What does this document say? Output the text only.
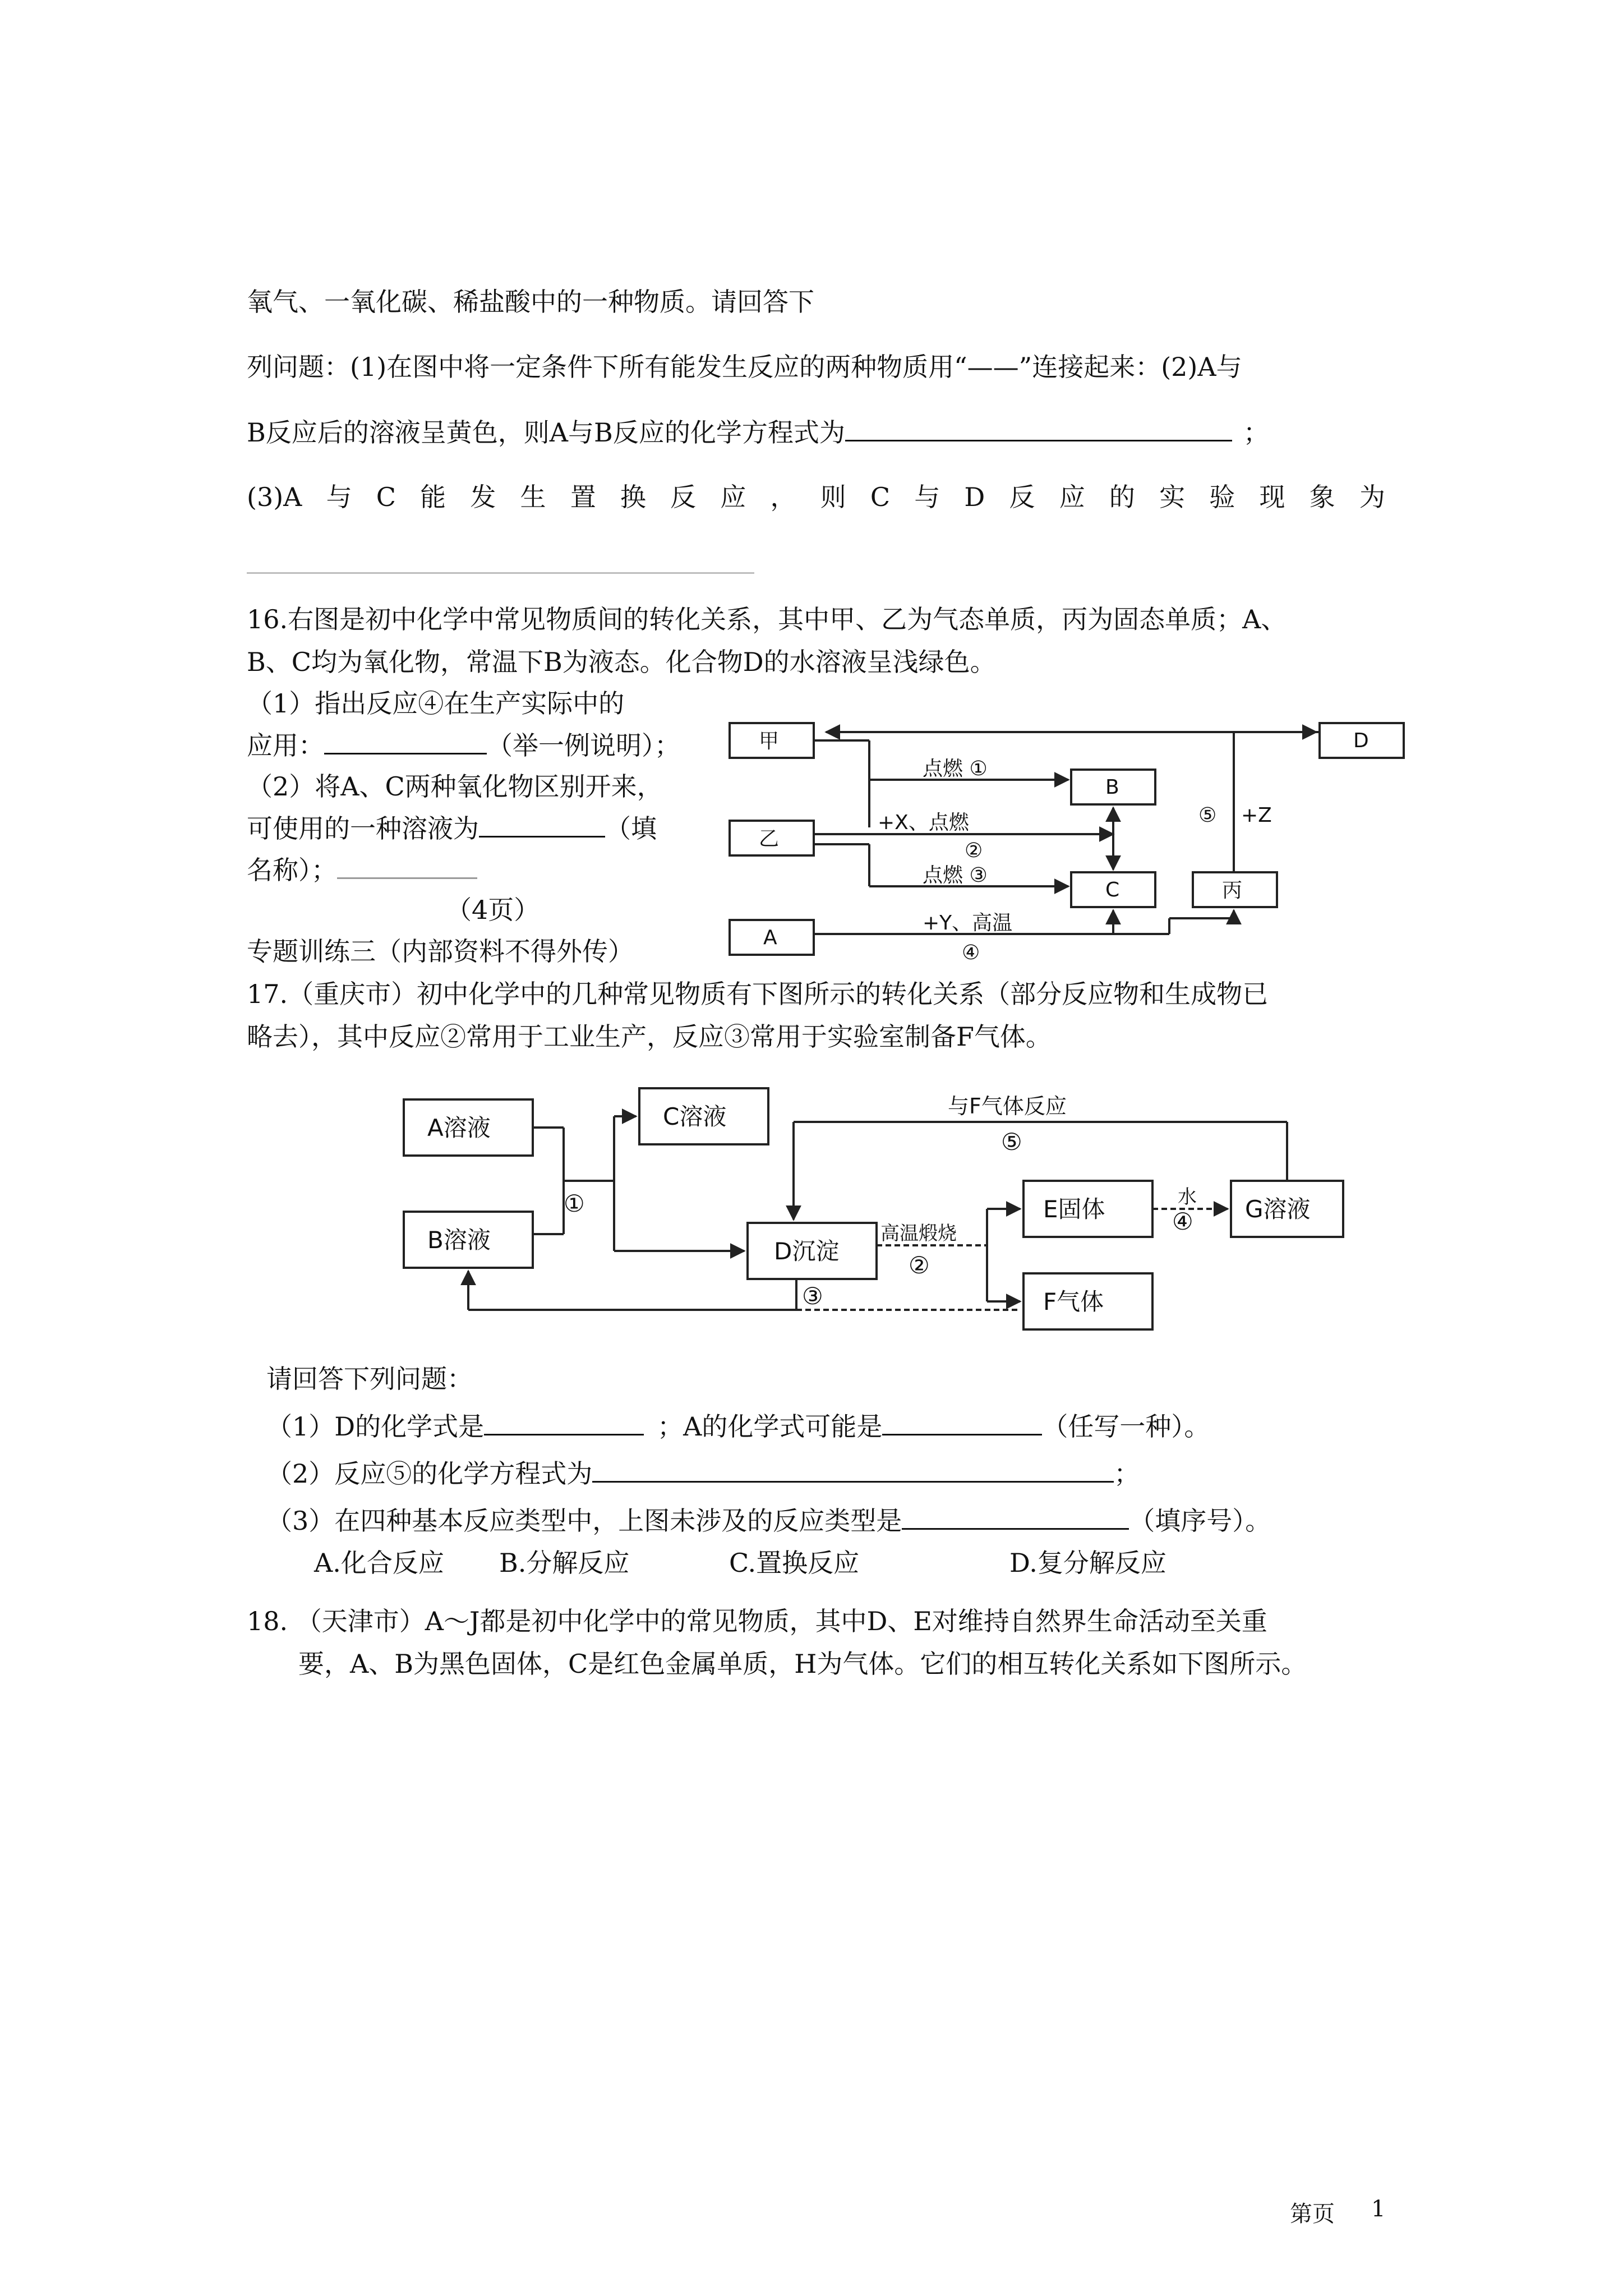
氧气、一氧化碳、稀盐酸中的一种物质。请回答下
列问题：(1)在图中将一定条件下所有能发生反应的两种物质用“——”连接起来：(2)A与
B反应后的溶液呈黄色，则A与B反应的化学方程式为	；
(3)A 与 C 能 发 生 置 换 反 应 ， 则 C 与 D 反 应 的 实 验 现 象 为
16.右图是初中化学中常见物质间的转化关系，其中甲、乙为气态单质，丙为固态单质；A、
B、C均为氧化物，常温下B为液态。化合物D的水溶液呈浅绿色。
（1）指出反应④在生产实际中的
应用：	（举一例说明）；
（2）将A、C两种氧化物区别开来，
可使用的一种溶液为	（填
名称）；
（4页）
专题训练三（内部资料不得外传）
甲
乙
A
B
C	丙
D
点燃 ①
+X、点燃
②
点燃 ③
+Y、高温
④
⑤ +Z
17.（重庆市）初中化学中的几种常见物质有下图所示的转化关系（部分反应物和生成物已
略去），其中反应②常用于工业生产，反应③常用于实验室制备F气体。
A溶液
B溶液
C溶液
D沉淀
E固体
F气体
G溶液
①
高温煅烧
②
③
水
④
与F气体反应
⑤
请回答下列问题：
（1）D的化学式是	；A的化学式可能是	（任写一种）。
（2）反应⑤的化学方程式为	；
（3）在四种基本反应类型中，上图未涉及的反应类型是	（填序号）。
A.化合反应 B.分解反应	C.置换反应	D.复分解反应
18. （天津市）A～J都是初中化学中的常见物质，其中D、E对维持自然界生命活动至关重
要，A、B为黑色固体，C是红色金属单质，H为气体。它们的相互转化关系如下图所示。
第页 1
